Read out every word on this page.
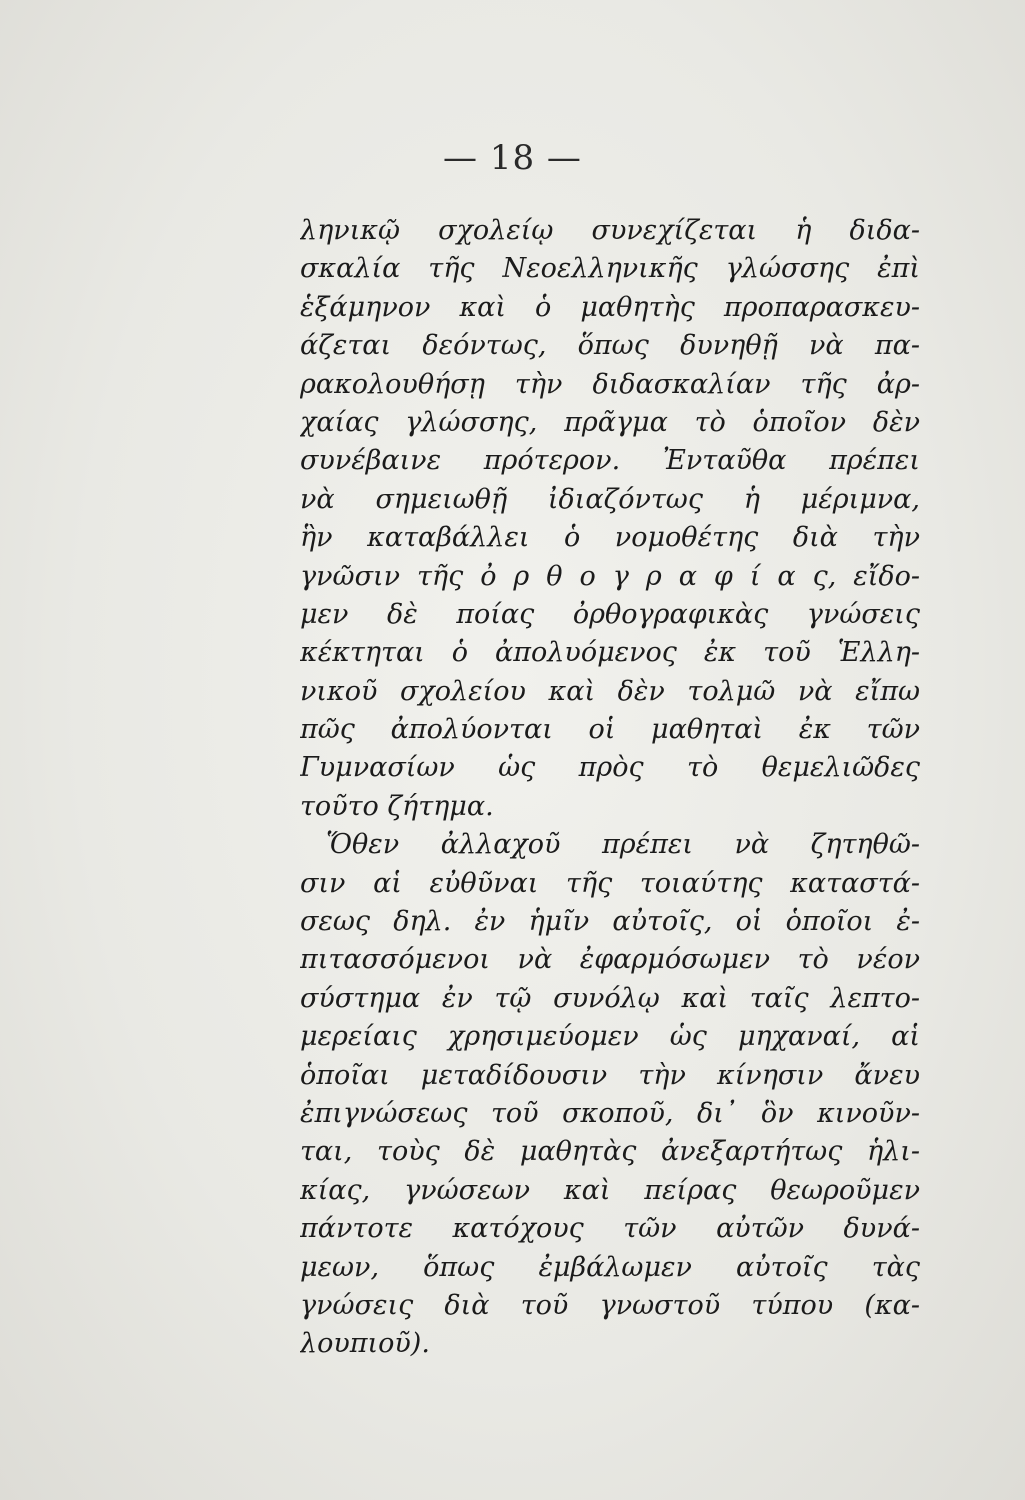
— 18 —
ληνικῷ σχολείῳ συνεχίζεται ἡ διδα-
σκαλία τῆς Νεοελληνικῆς γλώσσης ἐπὶ
ἑξάμηνον καὶ ὁ μαθητὴς προπαρασκευ-
άζεται δεόντως, ὅπως δυνηθῇ νὰ πα-
ρακολουθήσῃ τὴν διδασκαλίαν τῆς ἀρ-
χαίας γλώσσης, πρᾶγμα τὸ ὁποῖον δὲν
συνέβαινε πρότερον. Ἐνταῦθα πρέπει
νὰ σημειωθῇ ἰδιαζόντως ἡ μέριμνα,
ἣν καταβάλλει ὁ νομοθέτης διὰ τὴν
γνῶσιν τῆς ὀ ρ θ ο γ ρ α φ ί α ς, εἴδο-
μεν δὲ ποίας ὀρθογραφικὰς γνώσεις
κέκτηται ὁ ἀπολυόμενος ἐκ τοῦ Ἑλλη-
νικοῦ σχολείου καὶ δὲν τολμῶ νὰ εἴπω
πῶς ἀπολύονται οἱ μαθηταὶ ἐκ τῶν
Γυμνασίων ὡς πρὸς τὸ θεμελιῶδες
τοῦτο ζήτημα.
Ὅθεν ἀλλαχοῦ πρέπει νὰ ζητηθῶ-
σιν αἱ εὐθῦναι τῆς τοιαύτης καταστά-
σεως δηλ. ἐν ἡμῖν αὐτοῖς, οἱ ὁποῖοι ἐ-
πιτασσόμενοι νὰ ἐφαρμόσωμεν τὸ νέον
σύστημα ἐν τῷ συνόλῳ καὶ ταῖς λεπτο-
μερείαις χρησιμεύομεν ὡς μηχαναί, αἱ
ὁποῖαι μεταδίδουσιν τὴν κίνησιν ἄνευ
ἐπιγνώσεως τοῦ σκοποῦ, δι᾽ ὃν κινοῦν-
ται, τοὺς δὲ μαθητὰς ἀνεξαρτήτως ἡλι-
κίας, γνώσεων καὶ πείρας θεωροῦμεν
πάντοτε κατόχους τῶν αὐτῶν δυνά-
μεων, ὅπως ἐμβάλωμεν αὐτοῖς τὰς
γνώσεις διὰ τοῦ γνωστοῦ τύπου (κα-
λουπιοῦ).
